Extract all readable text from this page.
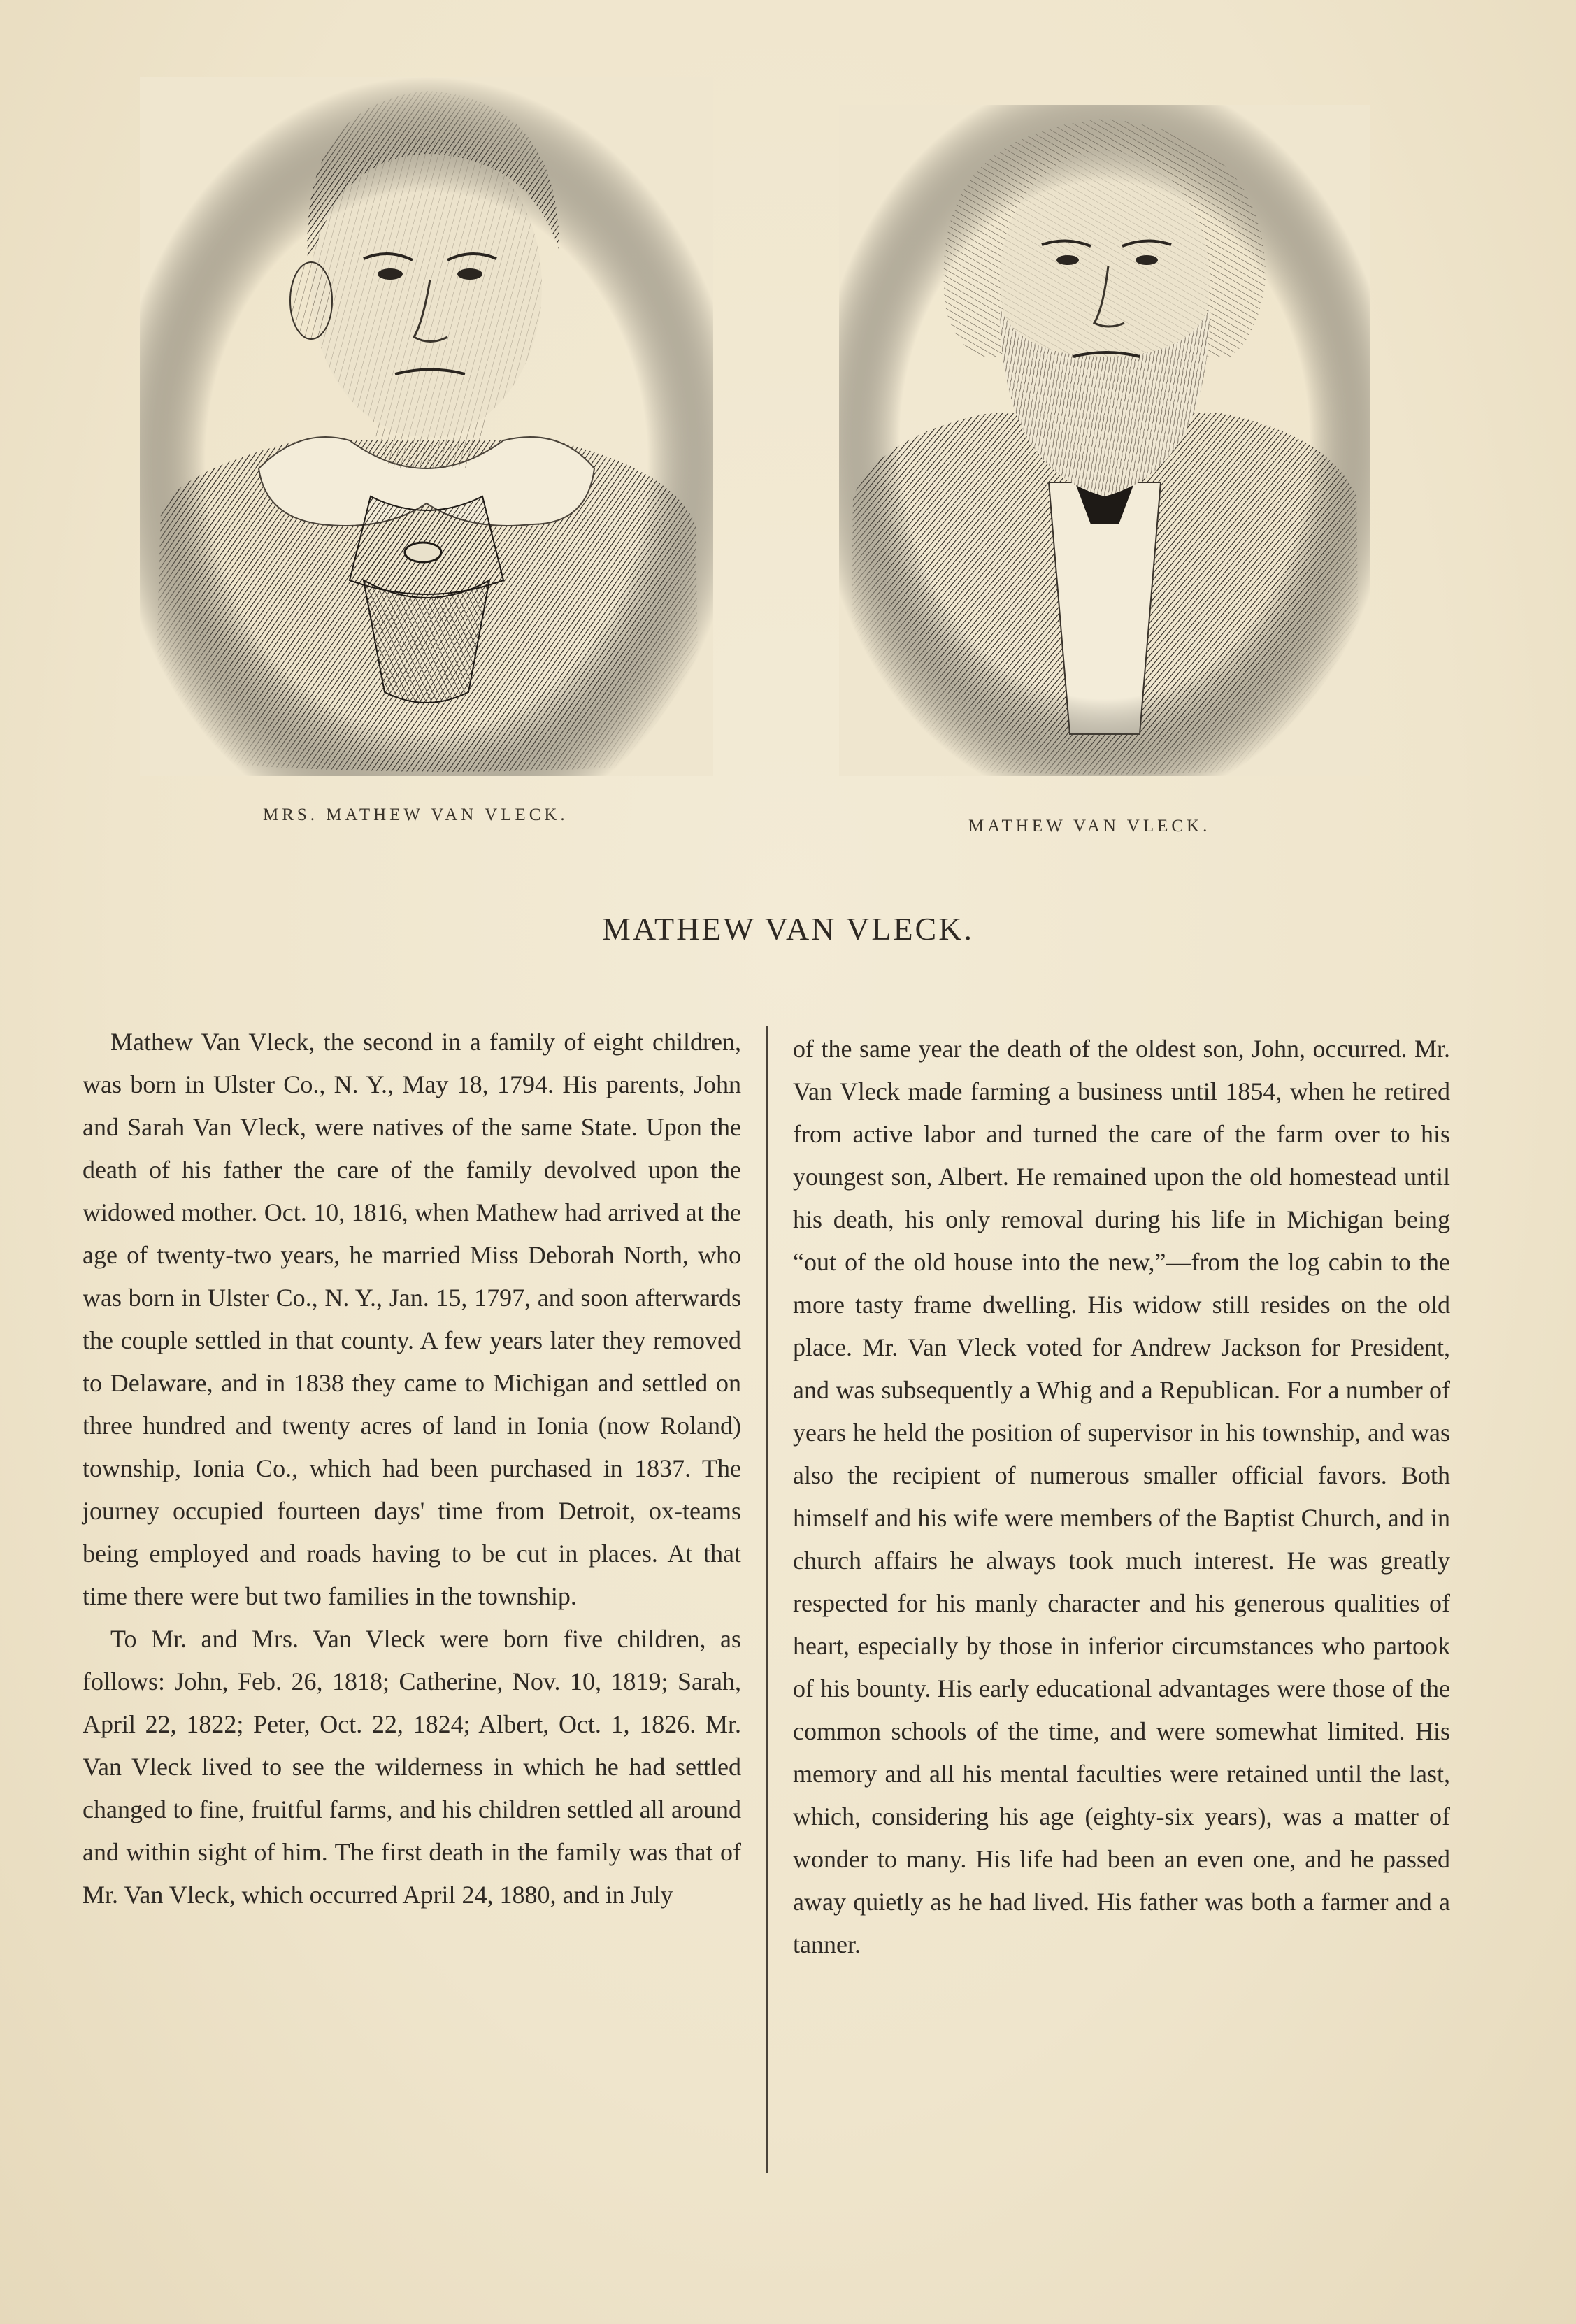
MRS. MATHEW VAN VLECK.
MATHEW VAN VLECK.
MATHEW VAN VLECK.

Mathew Van Vleck, the second in a family of eight children, was born in Ulster Co., N. Y., May 18, 1794. His parents, John and Sarah Van Vleck, were natives of the same State. Upon the death of his father the care of the family devolved upon the widowed mother. Oct. 10, 1816, when Mathew had arrived at the age of twenty-two years, he married Miss Deborah North, who was born in Ulster Co., N. Y., Jan. 15, 1797, and soon afterwards the couple settled in that county. A few years later they removed to Delaware, and in 1838 they came to Michigan and settled on three hundred and twenty acres of land in Ionia (now Roland) township, Ionia Co., which had been purchased in 1837. The journey occupied fourteen days' time from Detroit, ox-teams being employed and roads having to be cut in places. At that time there were but two families in the township.

To Mr. and Mrs. Van Vleck were born five children, as follows: John, Feb. 26, 1818; Catherine, Nov. 10, 1819; Sarah, April 22, 1822; Peter, Oct. 22, 1824; Albert, Oct. 1, 1826. Mr. Van Vleck lived to see the wilderness in which he had settled changed to fine, fruitful farms, and his children settled all around and within sight of him. The first death in the family was that of Mr. Van Vleck, which occurred April 24, 1880, and in July

of the same year the death of the oldest son, John, occurred. Mr. Van Vleck made farming a business until 1854, when he retired from active labor and turned the care of the farm over to his youngest son, Albert. He remained upon the old homestead until his death, his only removal during his life in Michigan being “out of the old house into the new,”—from the log cabin to the more tasty frame dwelling. His widow still resides on the old place. Mr. Van Vleck voted for Andrew Jackson for President, and was subsequently a Whig and a Republican. For a number of years he held the position of supervisor in his township, and was also the recipient of numerous smaller official favors. Both himself and his wife were members of the Baptist Church, and in church affairs he always took much interest. He was greatly respected for his manly character and his generous qualities of heart, especially by those in inferior circumstances who partook of his bounty. His early educational advantages were those of the common schools of the time, and were somewhat limited. His memory and all his mental faculties were retained until the last, which, considering his age (eighty-six years), was a matter of wonder to many. His life had been an even one, and he passed away quietly as he had lived. His father was both a farmer and a tanner.
